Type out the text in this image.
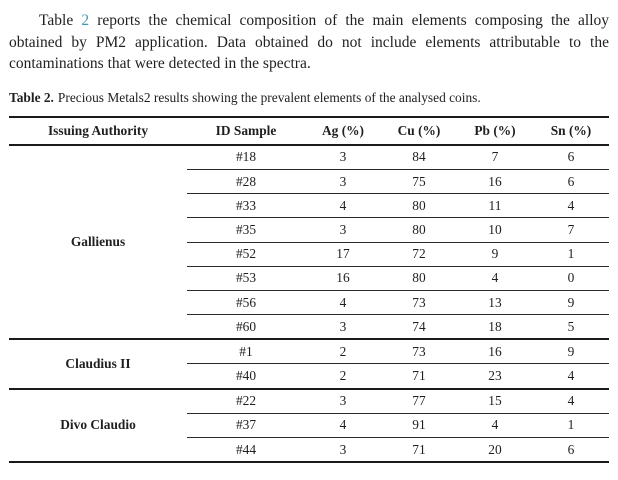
Table 2 reports the chemical composition of the main elements composing the alloy obtained by PM2 application. Data obtained do not include elements attributable to the contaminations that were detected in the spectra.

Table 2. Precious Metals2 results showing the prevalent elements of the analysed coins.

Issuing Authority	ID Sample	Ag (%)	Cu (%)	Pb (%)	Sn (%)
Gallienus	#18	3	84	7	6
	#28	3	75	16	6
	#33	4	80	11	4
	#35	3	80	10	7
	#52	17	72	9	1
	#53	16	80	4	0
	#56	4	73	13	9
	#60	3	74	18	5
Claudius II	#1	2	73	16	9
	#40	2	71	23	4
Divo Claudio	#22	3	77	15	4
	#37	4	91	4	1
	#44	3	71	20	6
